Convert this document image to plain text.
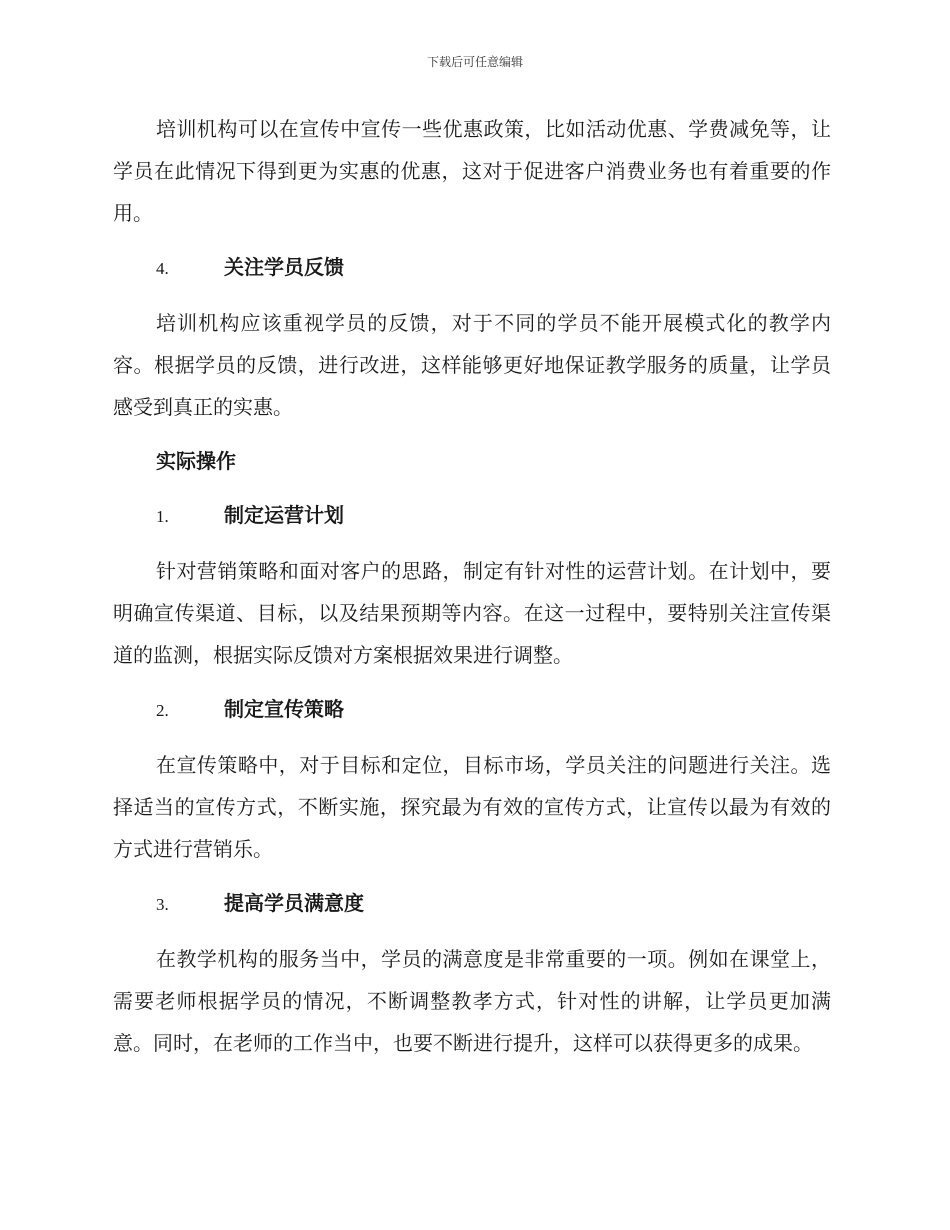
下载后可任意编辑

培训机构可以在宣传中宣传一些优惠政策，比如活动优惠、学费减免等，让学员在此情况下得到更为实惠的优惠，这对于促进客户消费业务也有着重要的作用。

4.	关注学员反馈

培训机构应该重视学员的反馈，对于不同的学员不能开展模式化的教学内容。根据学员的反馈，进行改进，这样能够更好地保证教学服务的质量，让学员感受到真正的实惠。

实际操作
1.	制定运营计划

针对营销策略和面对客户的思路，制定有针对性的运营计划。在计划中，要明确宣传渠道、目标，以及结果预期等内容。在这一过程中，要特别关注宣传渠道的监测，根据实际反馈对方案根据效果进行调整。

2.	制定宣传策略

在宣传策略中，对于目标和定位，目标市场，学员关注的问题进行关注。选择适当的宣传方式，不断实施，探究最为有效的宣传方式，让宣传以最为有效的方式进行营销乐。

3.	提高学员满意度

在教学机构的服务当中，学员的满意度是非常重要的一项。例如在课堂上，需要老师根据学员的情况，不断调整教孝方式，针对性的讲解，让学员更加满意。同时，在老师的工作当中，也要不断进行提升，这样可以获得更多的成果。
